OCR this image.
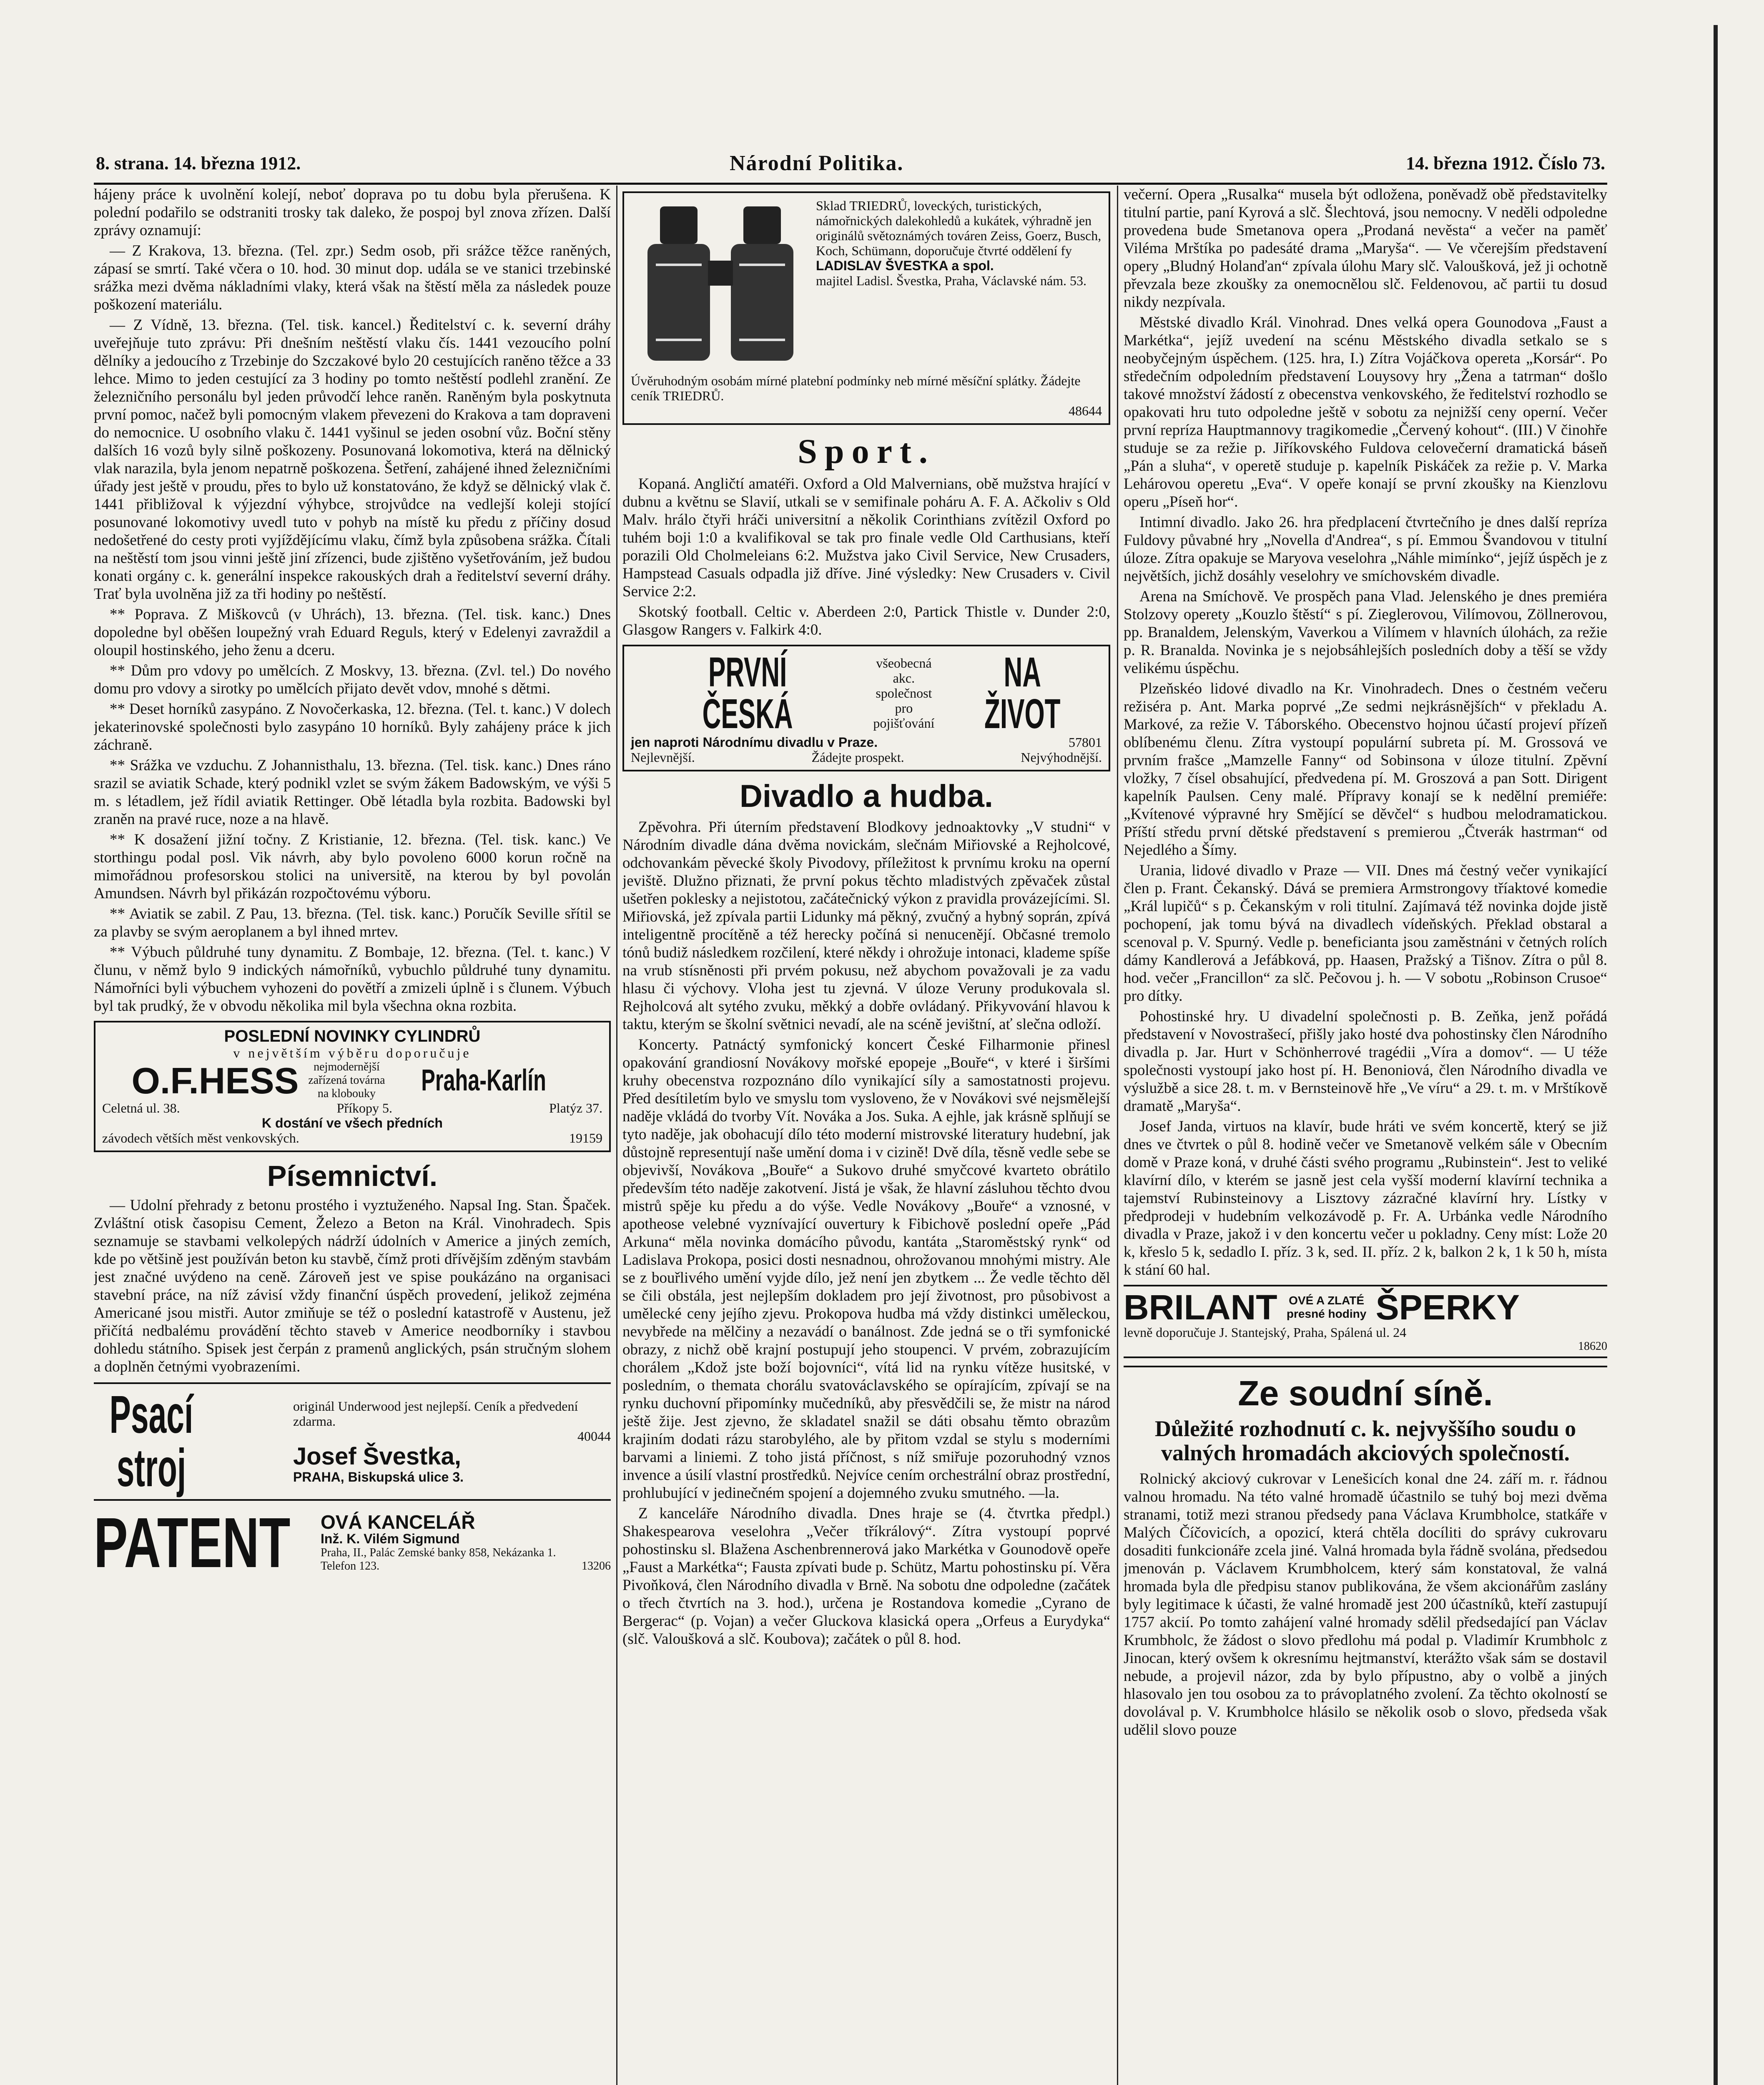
8. strana. 14. března 1912.	Národní Politika.	14. března 1912. Číslo 73.

hájeny práce k uvolnění kolejí, neboť doprava po tu dobu byla přerušena. K polední podařilo se odstraniti trosky tak daleko, že pospoj byl znova zřízen. Další zprávy oznamují:

— Z Krakova, 13. března. (Tel. zpr.) Sedm osob, při srážce těžce raněných, zápasí se smrtí. Také včera o 10. hod. 30 minut dop. udála se ve stanici trzebinské srážka mezi dvěma nákladními vlaky, která však na štěstí měla za následek pouze poškození materiálu.

— Z Vídně, 13. března. (Tel. tisk. kancel.) Ředitelství c. k. severní dráhy uveřejňuje tuto zprávu: Při dnešním neštěstí vlaku čís. 1441 vezoucího polní dělníky a jedoucího z Trzebinje do Szczakové bylo 20 cestujících raněno těžce a 33 lehce. Mimo to jeden cestující za 3 hodiny po tomto neštěstí podlehl zranění. Ze železničního personálu byl jeden průvodčí lehce raněn. Raněným byla poskytnuta první pomoc, načež byli pomocným vlakem převezeni do Krakova a tam dopraveni do nemocnice. U osobního vlaku č. 1441 vyšinul se jeden osobní vůz. Boční stěny dalších 16 vozů byly silně poškozeny. Posunovaná lokomotiva, která na dělnický vlak narazila, byla jenom nepatrně poškozena. Šetření, zahájené ihned železničními úřady jest ještě v proudu, přes to bylo už konstatováno, že když se dělnický vlak č. 1441 přibližoval k výjezdní výhybce, strojvůdce na vedlejší koleji stojící posunované lokomotivy uvedl tuto v pohyb na místě ku předu z příčiny dosud nedošetřené do cesty proti vyjíždějícímu vlaku, čímž byla způsobena srážka. Čítali na neštěstí tom jsou vinni ještě jiní zřízenci, bude zjištěno vyšetřováním, jež budou konati orgány c. k. generální inspekce rakouských drah a ředitelství severní dráhy. Trať byla uvolněna již za tři hodiny po neštěstí.

** Popravа. Z Miškovců (v Uhrách), 13. března. (Tel. tisk. kanc.) Dnes dopoledne byl oběšen loupežný vrah Eduard Reguls, který v Edelenyi zavraždil a oloupil hostinského, jeho ženu a dceru.

** Dům pro vdovy po umělcích. Z Moskvy, 13. března. (Zvl. tel.) Do nového domu pro vdovy a sirotky po umělcích přijato devět vdov, mnohé s dětmi.

** Deset horníků zasypáno. Z Novočerkaska, 12. března. (Tel. t. kanc.) V dolech jekaterinovské společnosti bylo zasypáno 10 horníků. Byly zahájeny práce k jich záchraně.

** Srážka ve vzduchu. Z Johannisthalu, 13. března. (Tel. tisk. kanc.) Dnes ráno srazil se aviatik Schade, který podnikl vzlet se svým žákem Badowským, ve výši 5 m. s létadlem, jež řídil aviatik Rettinger. Obě létadla byla rozbita. Badowski byl zraněn na pravé ruce, noze a na hlavě.

** K dosažení jižní točny. Z Kristianie, 12. března. (Tel. tisk. kanc.) Ve storthingu podal posl. Vik návrh, aby bylo povoleno 6000 korun ročně na mimořádnou profesorskou stolici na universitě, na kterou by byl povolán Amundsen. Návrh byl přikázán rozpočtovému výboru.

** Aviatik se zabil. Z Pau, 13. března. (Tel. tisk. kanc.) Poručík Seville sřítil se za plavby se svým aeroplanem a byl ihned mrtev.

** Výbuch půldruhé tuny dynamitu. Z Bombaje, 12. března. (Tel. t. kanc.) V člunu, v němž bylo 9 indických námořníků, vybuchlo půldruhé tuny dynamitu. Námořníci byli výbuchem vyhozeni do povětří a zmizeli úplně i s člunem. Výbuch byl tak prudký, že v obvodu několika mil byla všechna okna rozbita.

POSLEDNÍ NOVINKY CYLINDRŮ
v největším výběru doporučuje
O.F.HESS	nejmodernější zařízená továrna na klobouky	Praha-Karlín
Celetná ul. 38.	Příkopy 5.	Platýz 37.
K dostání ve všech předních
závodech větších měst venkovských.	19159
Písemnictví.

— Udolní přehrady z betonu prostého i vyztuženého. Napsal Ing. Stan. Špaček. Zvláštní otisk časopisu Cement, Železo a Beton na Král. Vinohradech. Spis seznamuje se stavbami velkolepých nádrží údolních v Americe a jiných zemích, kde po většině jest používán beton ku stavbě, čímž proti dřívějším zděným stavbám jest značné uvýdeno na ceně. Zároveň jest ve spise poukázáno na organisaci stavební práce, na níž závisí vždy finanční úspěch provedení, jelikož zejména Americané jsou mistři. Autor zmiňuje se též o poslední katastrofě v Austenu, jež přičítá nedbalému provádění těchto staveb v Americe neodborníky i stavbou dohledu státního. Spisek jest čerpán z pramenů anglických, psán stručným slohem a doplněn četnými vyobrazeními.

Psací stroj
originál Underwood jest nejlepší. Ceník a předvedení zdarma.
40044
Josef Švestka,
PRAHA, Biskupská ulice 3.
PATENT OVÁ KANCELÁŘ
Inž. K. Vilém Sigmund
Praha, II., Palác Zemské banky 858, Nekázanka 1.
Telefon 123.	13206
Sklad TRIEDRŮ, loveckých, turistických, námořnických dalekohledů a kukátek, výhradně jen originálů světoznámých továren Zeiss, Goerz, Busch, Koch, Schümann, doporučuje čtvrté oddělení fy
LADISLAV ŠVESTKA a spol.
majitel Ladisl. Švestka, Praha, Václavské nám. 53.
Úvěruhodným osobám mírné platební podmínky neb mírné měsíční splátky. Žádejte ceník TRIEDRŮ.
48644
Sport.

Kopaná. Angličtí amatéři. Oxford a Old Malvernians, obě mužstva hrající v dubnu a květnu se Slavií, utkali se v semifinale poháru A. F. A. Ačkoliv s Old Malv. hrálo čtyři hráči universitní a několik Corinthians zvítězil Oxford po tuhém boji 1:0 a kvalifikoval se tak pro finale vedle Old Carthusians, kteří porazili Old Cholmeleians 6:2. Mužstva jako Civil Service, New Crusaders, Hampstead Casuals odpadla již dříve. Jiné výsledky: New Crusaders v. Civil Service 2:2.

Skotský football. Celtic v. Aberdeen 2:0, Partick Thistle v. Dunder 2:0, Glasgow Rangers v. Falkirk 4:0.

PRVNÍ ČESKÁ
všeobecná akc. společnost
pro pojišťování
NA ŽIVOT
jen naproti Národnímu divadlu v Praze.	57801
Nejlevnější.	Žádejte prospekt.	Nejvýhodnější.
Divadlo a hudba.

Zpěvohra. Při úterním představení Blodkovy jednoaktovky „V studni“ v Národním divadle dána dvěma novickám, slečnám Miřiovské a Rejholcové, odchovankám pěvecké školy Pivodovy, příležitost k prvnímu kroku na operní jeviště. Dlužno přiznati, že první pokus těchto mladistvých zpěvaček zůstal ušetřen poklesky a nejistotou, začátečnický výkon z pravidla provázejícími. Sl. Miřiovská, jež zpívala partii Lidunky má pěkný, zvučný a hybný soprán, zpívá inteligentně procítěně a též herecky počíná si nenucenějí. Občasné tremolo tónů budiž následkem rozčilení, které někdy i ohrožuje intonaci, klademe spíše na vrub stísněnosti při prvém pokusu, než abychom považovali je za vadu hlasu či výchovy. Vloha jest tu zjevná. V úloze Veruny produkovala sl. Rejholcová alt sytého zvuku, měkký a dobře ovládaný. Přikyvování hlavou k taktu, kterým se školní světnici nevadí, ale na scéně jevištní, ať slečna odloží.

Koncerty. Patnáctý symfonický koncert České Filharmonie přinesl opakování grandiosní Novákovy mořské epopeje „Bouře“, v které i širšími kruhy obecenstva rozpoznáno dílo vynikající síly a samostatnosti projevu. Před desítiletím bylo ve smyslu tom vysloveno, že v Novákovi své nejsmělejší naděje vkládá do tvorby Vít. Nováka a Jos. Suka. A ejhle, jak krásně splňují se tyto naděje, jak obohacují dílo této moderní mistrovské literatury hudební, jak důstojně representují naše umění doma i v cizině! Dvě díla, těsně vedle sebe se objevivší, Novákova „Bouře“ a Sukovo druhé smyčcové kvarteto obrátilo především této naděje zakotvení. Jistá je však, že hlavní zásluhou těchto dvou mistrů spěje ku předu a do výše. Vedle Novákovy „Bouře“ a vznosné, v apotheose velebné vyznívající ouvertury k Fibichově poslední opeře „Pád Arkuna“ měla novinka domácího původu, kantáta „Staroměstský rynk“ od Ladislava Prokopa, posici dosti nesnadnou, ohrožovanou mnohými mistry. Ale se z bouřlivého umění vyjde dílo, jež není jen zbytkem ... Že vedle těchto děl se čili obstála, jest nejlepším dokladem pro její životnost, pro působivost a umělecké ceny jejího zjevu. Prokopova hudba má vždy distinkci uměleckou, nevybřede na mělčiny a nezavádí o banálnost. Zde jedná se o tři symfonické obrazy, z nichž obě krajní postupují jeho stoupenci. V prvém, zobrazujícím chorálem „Kdož jste boží bojovníci“, vítá lid na rynku vítěze husitské, v posledním, o themata chorálu svatováclavského se opírajícím, zpívají se na rynku duchovní připomínky mučedníků, aby přesvědčili se, že mistr na národ ještě žije. Jest zjevno, že skladatel snažil se dáti obsahu těmto obrazům krajiním dodati rázu starobylého, ale by přitom vzdal se stylu s moderními barvami a liniemi. Z toho jistá příčnost, s níž smiřuje pozoruhodný vznos invence a úsilí vlastní prostředků. Nejvíce cením orchestrální obraz prostřední, prohlubující v jedinečném spojení a dojemného zvuku smutného. —la.

Z kanceláře Národního divadla. Dnes hraje se (4. čtvrtka předpl.) Shakespearova veselohra „Večer tříkrálový“. Zítra vystoupí poprvé pohostinsku sl. Blažena Aschenbrennerová jako Markétka v Gounodově opeře „Faust a Markétka“; Fausta zpívati bude p. Schütz, Martu pohostinsku pí. Věra Pivoňková, člen Národního divadla v Brně. Na sobotu dne odpoledne (začátek o třech čtvrtích na 3. hod.), určena je Rostandova komedie „Cyrano de Bergerac“ (p. Vojan) a večer Gluckova klasická opera „Orfeus a Eurydyka“ (slč. Valoušková a slč. Koubova); začátek o půl 8. hod.

večerní. Opera „Rusalka“ musela být odložena, poněvadž obě představitelky titulní partie, paní Kyrová a slč. Šlechtová, jsou nemocny. V neděli odpoledne provedena bude Smetanova opera „Prodaná nevěsta“ a večer na paměť Viléma Mrštíka po padesáté drama „Maryša“. — Ve včerejším představení opery „Bludný Holanďan“ zpívala úlohu Mary slč. Valoušková, jež ji ochotně převzala beze zkoušky za onemocnělou slč. Feldenovou, ač partii tu dosud nikdy nezpívala.

Městské divadlo Král. Vinohrad. Dnes velká opera Gounodova „Faust a Markétka“, jejíž uvedení na scénu Městského divadla setkalo se s neobyčejným úspěchem. (125. hra, I.) Zítra Vojáčkova opereta „Korsár“. Po středečním odpoledním představení Louysovy hry „Žena a tatrman“ došlo takové množství žádostí z obecenstva venkovského, že ředitelství rozhodlo se opakovati hru tuto odpoledne ještě v sobotu za nejnižší ceny operní. Večer první repríza Hauptmannovy tragikomedie „Červený kohout“. (III.) V činohře studuje se za režie p. Jiříkovského Fuldova celovečerní dramatická báseň „Pán a sluha“, v operetě studuje p. kapelník Piskáček za režie p. V. Marka Lehárovou operetu „Eva“. V opeře konají se první zkoušky na Kienzlovu operu „Píseň hor“.

Intimní divadlo. Jako 26. hra předplacení čtvrtečního je dnes další repríza Fuldovy půvabné hry „Novella d'Andrea“, s pí. Emmou Švandovou v titulní úloze. Zítra opakuje se Maryova veselohra „Náhle mimínko“, jejíž úspěch je z největších, jichž dosáhly veselohry ve smíchovském divadle.

Arena na Smíchově. Ve prospěch pana Vlad. Jelenského je dnes premiéra Stolzovy operety „Kouzlo štěstí“ s pí. Zieglerovou, Vilímovou, Zöllnerovou, pp. Branaldem, Jelenským, Vaverkou a Vilímem v hlavních úlohách, za režie p. R. Branalda. Novinka je s nejobsáhlejších posledních doby a těší se vždy velikému úspěchu.

Plzeňskéo lidové divadlo na Kr. Vinohradech. Dnes o čestném večeru režiséra p. Ant. Marka poprvé „Ze sedmi nejkrásnějších“ v překladu A. Markové, za režie V. Táborského. Obecenstvo hojnou účastí projeví přízeň oblíbenému členu. Zítra vystoupí populární subreta pí. M. Grossová ve prvním frašce „Mamzelle Fanny“ od Sobinsona v úloze titulní. Zpěvní vložky, 7 čísel obsahující, předvedena pí. M. Groszová a pan Sott. Dirigent kapelník Paulsen. Ceny malé. Přípravy konají se k nedělní premiéře: „Kvítenové výpravné hry Smějící se děvčel“ s hudbou melodramatickou. Příští středu první dětské představení s premierou „Čtverák hastrman“ od Nejedlého a Šímy.

Urania, lidové divadlo v Praze — VII. Dnes má čestný večer vynikající člen p. Frant. Čekanský. Dává se premiera Armstrongovy tříaktové komedie „Král lupičů“ s p. Čekanským v roli titulní. Zajímavá též novinka dojde jistě pochopení, jak tomu bývá na divadlech vídeňských. Překlad obstaral a scenoval p. V. Spurný. Vedle p. beneficianta jsou zaměstnáni v četných rolích dámy Kandlerová a Jefábková, pp. Haasen, Pražský a Tišnov. Zítra o půl 8. hod. večer „Francillon“ za slč. Pečovou j. h. — V sobotu „Robinson Crusoe“ pro dítky.

Pohostinské hry. U divadelní společnosti p. B. Zeňka, jenž pořádá představení v Novostrašecí, přišly jako hosté dva pohostinsky člen Národního divadla p. Jar. Hurt v Schönherrové tragédii „Víra a domov“. — U téže společnosti vystoupí jako host pí. H. Benoniová, člen Národního divadla ve výslužbě a sice 28. t. m. v Bernsteinově hře „Ve víru“ a 29. t. m. v Mrštíkově dramatě „Maryša“.

Josef Janda, virtuos na klavír, bude hráti ve svém koncertě, který se již dnes ve čtvrtek o půl 8. hodině večer ve Smetanově velkém sále v Obecním domě v Praze koná, v druhé části svého programu „Rubinstein“. Jest to veliké klavírní dílo, v kterém se jasně jest cela vyšší moderní klavírní technika a tajemství Rubinsteinovy a Lisztovy zázračné klavírní hry. Lístky v předprodeji v hudebním velkozávodě p. Fr. A. Urbánka vedle Národního divadla v Praze, jakož i v den koncertu večer u pokladny. Ceny míst: Lože 20 k, křeslo 5 k, sedadlo I. příz. 3 k, sed. II. příz. 2 k, balkon 2 k, 1 k 50 h, místa k stání 60 hal.

BRILANT OVÉ A ZLATÉ presné hodiny ŠPERKY
levně doporučuje J. Stantejský, Praha, Spálená ul. 24
18620
Ze soudní síně.
Důležité rozhodnutí c. k. nejvyššího soudu o valných hromadách akciových společností.

Rolnický akciový cukrovar v Lenešicích konal dne 24. září m. r. řádnou valnou hromadu. Na této valné hromadě účastnilo se tuhý boj mezi dvěma stranami, totiž mezi stranou předsedy pana Václava Krumbholce, statkáře v Malých Číčovicích, a opozicí, která chtěla docíliti do správy cukrovaru dosaditi funkcionáře zcela jiné. Valná hromada byla řádně svolána, předsedou jmenován p. Václavem Krumbholcem, který sám konstatoval, že valná hromada byla dle předpisu stanov publikována, že všem akcionářům zaslány byly legitimace k účasti, že valné hromadě jest 200 účastníků, kteří zastupují 1757 akcií. Po tomto zahájení valné hromady sdělil předsedající pan Václav Krumbholc, že žádost o slovo předlohu má podal p. Vladimír Krumbholc z Jinocan, který ovšem k okresnímu hejtmanství, kterážto však sám se dostavil nebude, a projevil názor, zda by bylo přípustno, aby o volbě a jiných hlasovalo jen tou osobou za to právoplatného zvolení. Za těchto okolností se dovolával p. V. Krumbholce hlásilo se několik osob o slovo, předseda však udělil slovo pouze
